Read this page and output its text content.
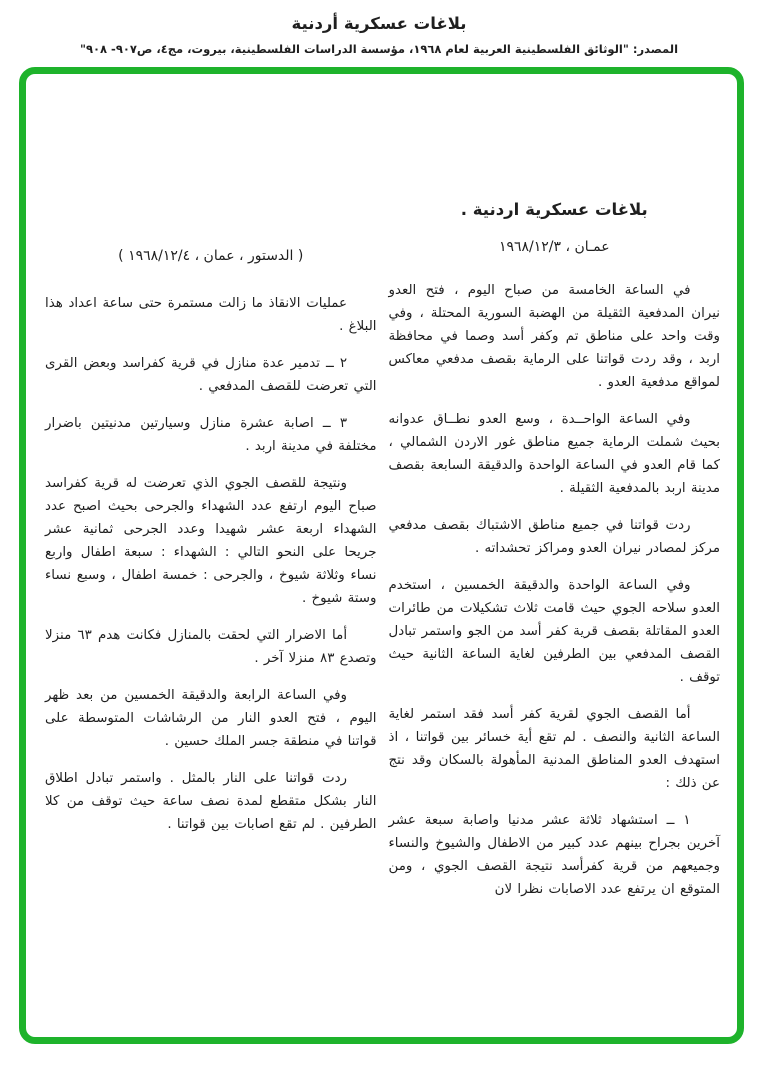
بلاغات عسكرية أردنية
المصدر: "الوثائق الفلسطينية العربية لعام ١٩٦٨، مؤسسة الدراسات الفلسطينية، بيروت، مج٤، ص٩٠٧- ٩٠٨"
بلاغات عسكرية اردنية .
عمـان ، ١٩٦٨/١٢/٣

في الساعة الخامسة من صباح اليوم ، فتح العدو نيران المدفعية الثقيلة من الهضبة السورية المحتلة ، وفي وقت واحد على مناطق تم وكفر أسد وصما في محافظة اربد ، وقد ردت قواتنا على الرماية بقصف مدفعي معاكس لمواقع مدفعية العدو .

وفي الساعة الواحــدة ، وسع العدو نطــاق عدوانه بحيث شملت الرماية جميع مناطق غور الاردن الشمالي ، كما قام العدو في الساعة الواحدة والدقيقة السابعة بقصف مدينة اربد بالمدفعية الثقيلة .

ردت قواتنا في جميع مناطق الاشتباك بقصف مدفعي مركز لمصادر نيران العدو ومراكز تحشداته .

وفي الساعة الواحدة والدقيقة الخمسين ، استخدم العدو سلاحه الجوي حيث قامت ثلاث تشكيلات من طائرات العدو المقاتلة بقصف قرية كفر أسد من الجو واستمر تبادل القصف المدفعي بين الطرفين لغاية الساعة الثانية حيث توقف .

أما القصف الجوي لقرية كفر أسد فقد استمر لغاية الساعة الثانية والنصف . لم تقع أية خسائر بين قواتنا ، اذ استهدف العدو المناطق المدنية المأهولة بالسكان وقد نتج عن ذلك :

١ ــ استشهاد ثلاثة عشر مدنيا واصابة سبعة عشر آخرين بجراح بينهم عدد كبير من الاطفال والشيوخ والنساء وجميعهم من قرية كفرأسد نتيجة القصف الجوي ، ومن المتوقع ان يرتفع عدد الاصابات نظرا لان

( الدستور ، عمان ، ١٩٦٨/١٢/٤ )

عمليات الانقاذ ما زالت مستمرة حتى ساعة اعداد هذا البلاغ .

٢ ــ تدمير عدة منازل في قرية كفراسد وبعض القرى التي تعرضت للقصف المدفعي .

٣ ــ اصابة عشرة منازل وسيارتين مدنيتين باضرار مختلفة في مدينة اربد .

ونتيجة للقصف الجوي الذي تعرضت له قرية كفراسد صباح اليوم ارتفع عدد الشهداء والجرحى بحيث اصبح عدد الشهداء اربعة عشر شهيدا وعدد الجرحى ثمانية عشر جريحا على النحو التالي : الشهداء : سبعة اطفال واربع نساء وثلاثة شيوخ ، والجرحى : خمسة اطفال ، وسبع نساء وستة شيوخ .

أما الاضرار التي لحقت بالمنازل فكانت هدم ٦٣ منزلا وتصدع ٨٣ منزلا آخر .

وفي الساعة الرابعة والدقيقة الخمسين من بعد ظهر اليوم ، فتح العدو النار من الرشاشات المتوسطة على قواتنا في منطقة جسر الملك حسين .

ردت قواتنا على النار بالمثل . واستمر تبادل اطلاق النار بشكل متقطع لمدة نصف ساعة حيث توقف من كلا الطرفين . لم تقع اصابات بين قواتنا .
